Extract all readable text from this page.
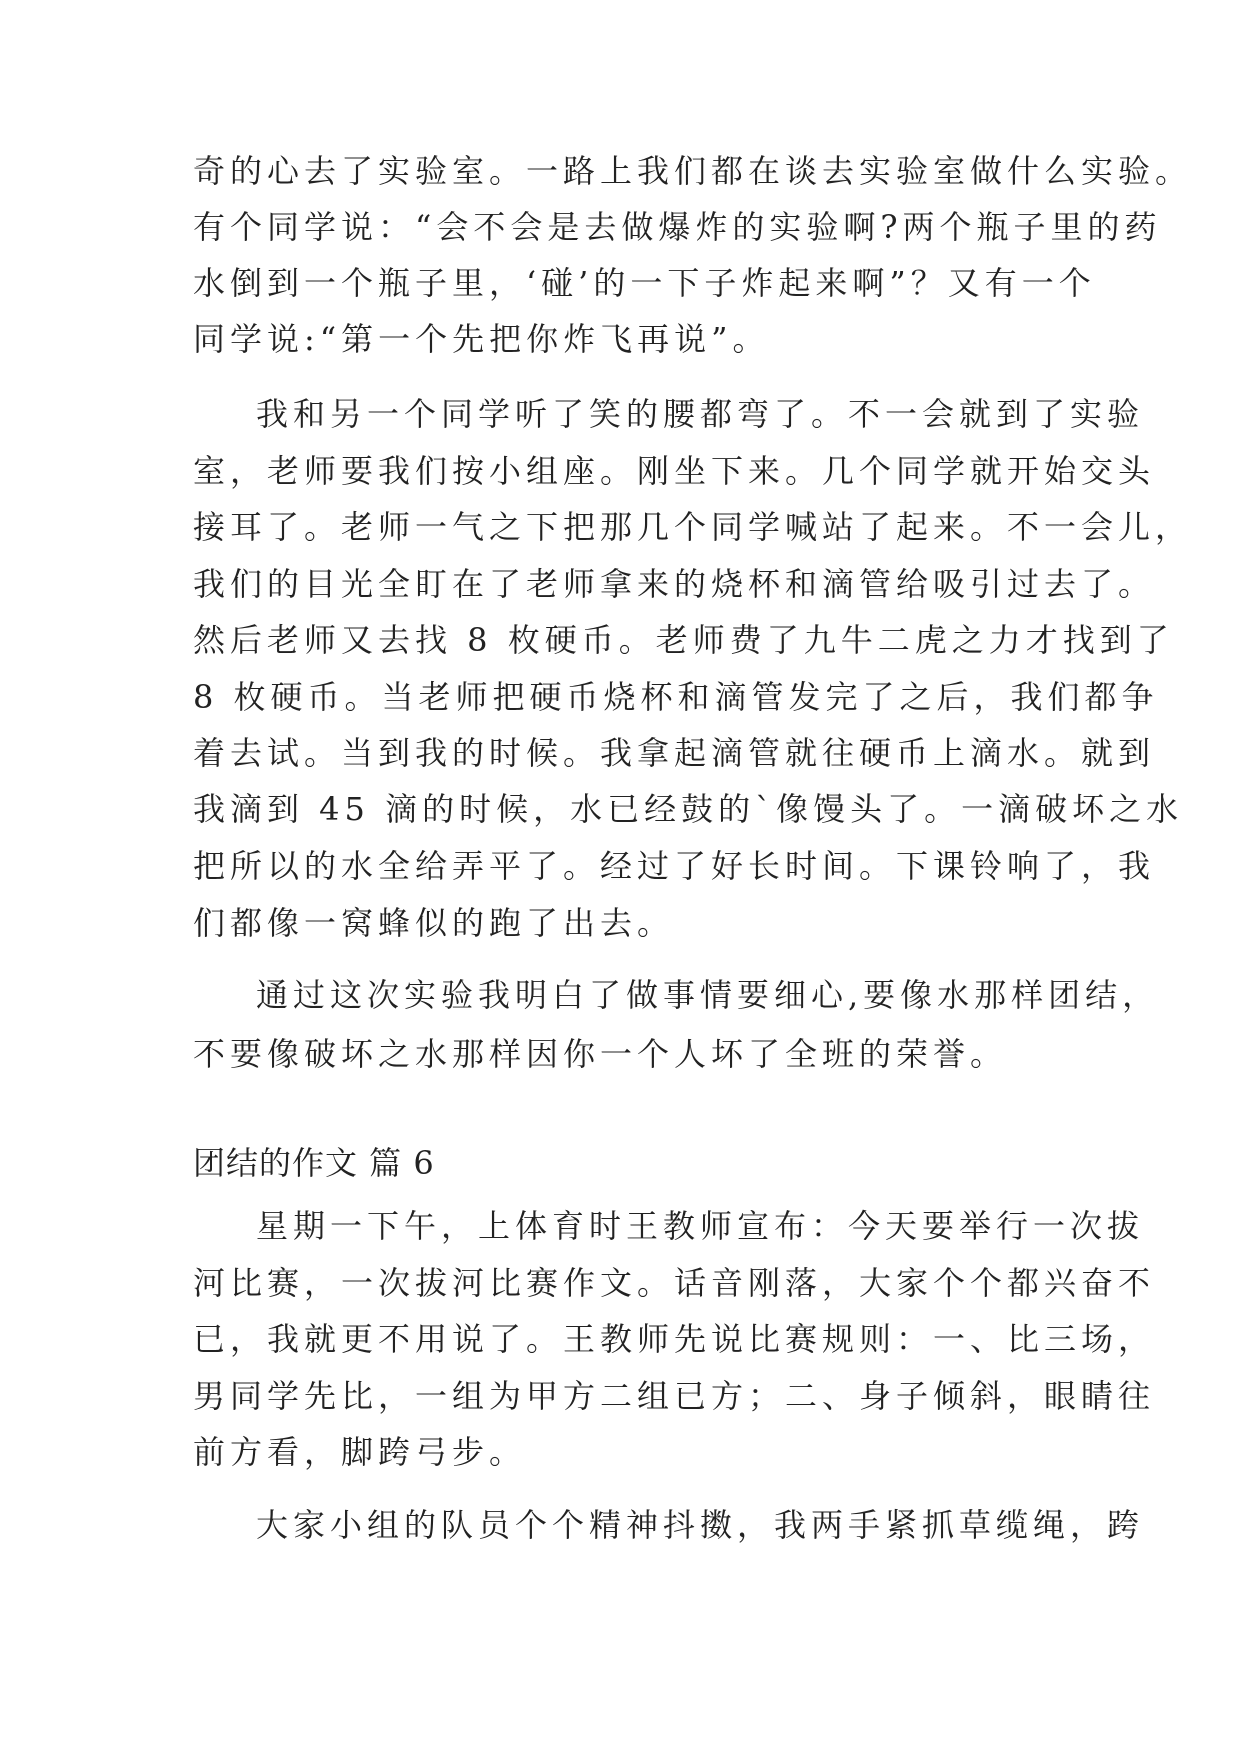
奇的心去了实验室。一路上我们都在谈去实验室做什么实验。
有个同学说：“会不会是去做爆炸的实验啊?两个瓶子里的药
水倒到一个瓶子里，‘碰’的一下子炸起来啊”？又有一个
同学说:“第一个先把你炸飞再说”。
我和另一个同学听了笑的腰都弯了。不一会就到了实验
室，老师要我们按小组座。刚坐下来。几个同学就开始交头
接耳了。老师一气之下把那几个同学喊站了起来。不一会儿，
我们的目光全盯在了老师拿来的烧杯和滴管给吸引过去了。
然后老师又去找 8 枚硬币。老师费了九牛二虎之力才找到了
8 枚硬币。当老师把硬币烧杯和滴管发完了之后，我们都争
着去试。当到我的时候。我拿起滴管就往硬币上滴水。就到
我滴到 45 滴的时候，水已经鼓的`像馒头了。一滴破坏之水
把所以的水全给弄平了。经过了好长时间。下课铃响了，我
们都像一窝蜂似的跑了出去。
通过这次实验我明白了做事情要细心,要像水那样团结，
不要像破坏之水那样因你一个人坏了全班的荣誉。
团结的作文 篇 6
星期一下午，上体育时王教师宣布：今天要举行一次拔
河比赛，一次拔河比赛作文。话音刚落，大家个个都兴奋不
已，我就更不用说了。王教师先说比赛规则：一、比三场，
男同学先比，一组为甲方二组已方；二、身子倾斜，眼睛往
前方看，脚跨弓步。
大家小组的队员个个精神抖擞，我两手紧抓草缆绳，跨
